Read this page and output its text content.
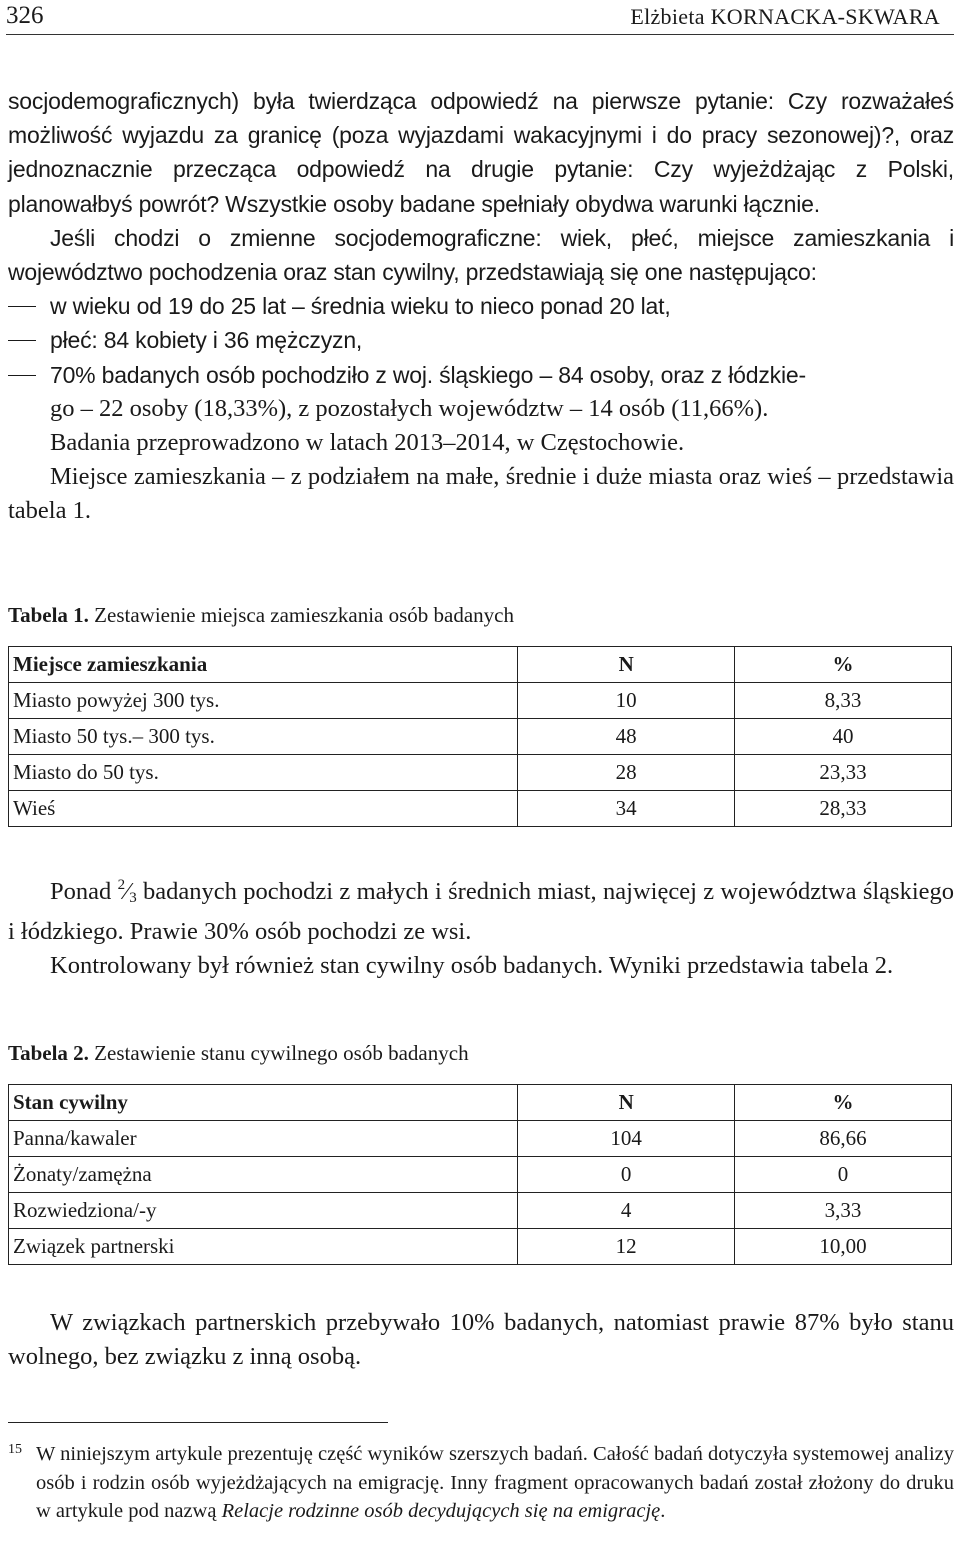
326	Elżbieta KORNACKA-SKWARA

socjodemograficznych) była twierdząca odpowiedź na pierwsze pytanie: Czy rozważałeś możliwość wyjazdu za granicę (poza wyjazdami wakacyjnymi i do pracy sezonowej)?, oraz jednoznacznie przecząca odpowiedź na drugie pytanie: Czy wyjeżdżając z Polski, planowałbyś powrót? Wszystkie osoby badane spełniały obydwa warunki łącznie.

Jeśli chodzi o zmienne socjodemograficzne: wiek, płeć, miejsce zamieszkania i województwo pochodzenia oraz stan cywilny, przedstawiają się one następująco:

w wieku od 19 do 25 lat – średnia wieku to nieco ponad 20 lat,
płeć: 84 kobiety i 36 mężczyzn,
70% badanych osób pochodziło z woj. śląskiego – 84 osoby, oraz z łódzkie-
go – 22 osoby (18,33%), z pozostałych województw – 14 osób (11,66%).

Badania przeprowadzono w latach 2013–2014, w Częstochowie.

Miejsce zamieszkania – z podziałem na małe, średnie i duże miasta oraz wieś – przedstawia tabela 1.

Tabela 1. Zestawienie miejsca zamieszkania osób badanych
Miejsce zamieszkania	N	%
Miasto powyżej 300 tys.	10	8,33
Miasto 50 tys.– 300 tys.	48	40
Miasto do 50 tys.	28	23,33
Wieś	34	28,33

Ponad $^2⁄_3$ badanych pochodzi z małych i średnich miast, najwięcej z województwa śląskiego i łódzkiego. Prawie 30% osób pochodzi ze wsi.

Kontrolowany był również stan cywilny osób badanych. Wyniki przedstawia tabela 2.

Tabela 2. Zestawienie stanu cywilnego osób badanych
Stan cywilny	N	%
Panna/kawaler	104	86,66
Żonaty/zamężna	0	0
Rozwiedziona/-y	4	3,33
Związek partnerski	12	10,00

W związkach partnerskich przebywało 10% badanych, natomiast prawie 87% było stanu wolnego, bez związku z inną osobą.

15 W niniejszym artykule prezentuję część wyników szerszych badań. Całość badań dotyczyła systemowej analizy osób i rodzin osób wyjeżdżających na emigrację. Inny fragment opracowanych badań został złożony do druku w artykule pod nazwą Relacje rodzinne osób decydujących się na emigrację.
